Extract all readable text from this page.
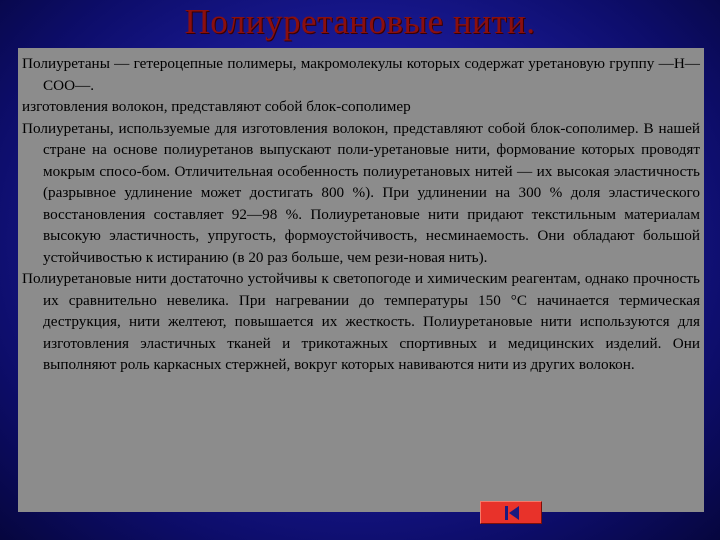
Полиуретановые нити.

Полиуретаны — гетероцепные полимеры, макромолекулы которых содержат уретановую группу —Н—СОО—.

изготовления волокон, представляют собой блок-сополимер

Полиуретаны, используемые для изготовления волокон, представляют собой блок-сополимер. В нашей стране на основе полиуретанов выпускают поли-уретановые нити, формование которых проводят мокрым спосо-бом. Отличительная особенность полиуретановых нитей — их высокая эластичность (разрывное удлинение может достигать 800 %). При удлинении на 300 % доля эластического восстановления составляет 92—98 %. Полиуретановые нити придают текстильным материалам высокую эластичность, упругость, формоустойчивость, несминаемость. Они обладают большой устойчивостью к истиранию (в 20 раз больше, чем рези-новая нить).

Полиуретановые нити достаточно устойчивы к светопогоде и химическим реагентам, однако прочность их сравнительно невелика. При нагревании до температуры 150 °С начинается термическая деструкция, нити желтеют, повышается их жесткость. Полиуретановые нити используются для изготовления эластичных тканей и трикотажных спортивных и медицинских изделий. Они выполняют роль каркасных стержней, вокруг которых навиваются нити из других волокон.
